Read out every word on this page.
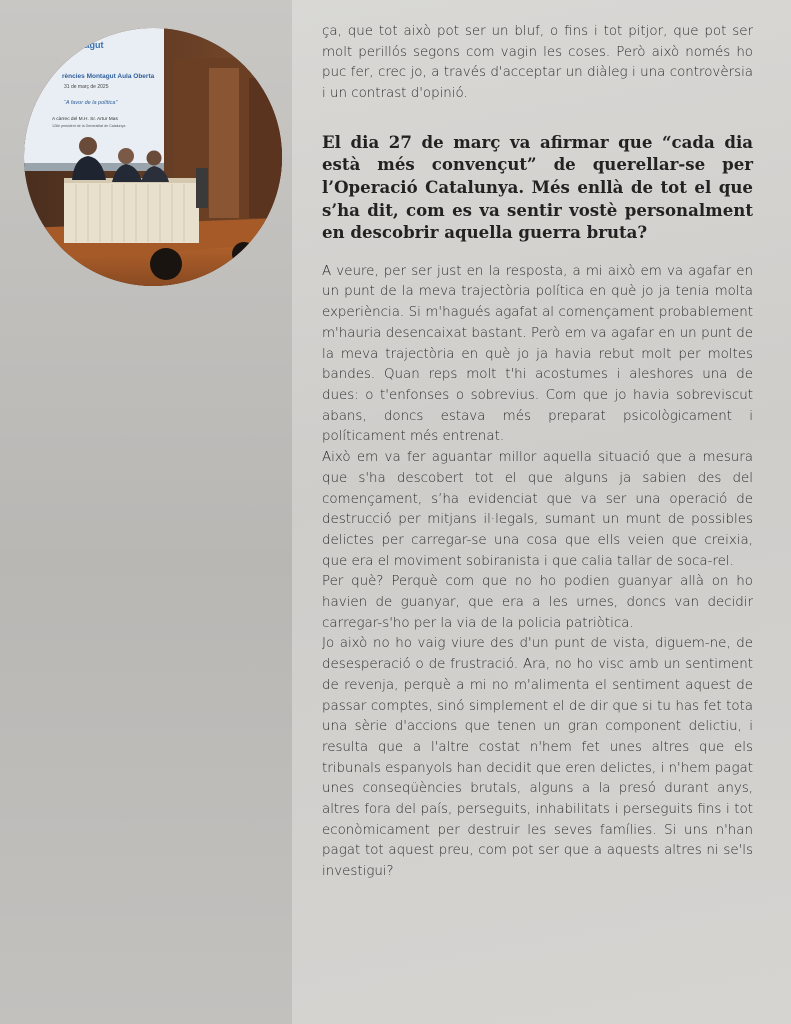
ntagut
rències Montagut Aula Oberta
31 de març de 2025
“A favor de la política”
A càrrec del M.H. Sr. Artur Mas
126è president de la Generalitat de Catalunya

ça, que tot això pot ser un bluf, o fins i tot pitjor, que pot ser molt perillós segons com vagin les coses. Però això només ho puc fer, crec jo, a través d'acceptar un diàleg i una controvèrsia i un contrast d'opinió.

El dia 27 de març va afirmar que “cada dia està més convençut” de querellar-se per l’Operació Catalunya. Més enllà de tot el que s’ha dit, com es va sentir vostè personalment en descobrir aquella guerra bruta?

A veure, per ser just en la resposta, a mi això em va agafar en un punt de la meva trajectòria política en què jo ja tenia molta experiència. Si m'hagués agafat al començament probablement m'hauria desencaixat bastant. Però em va agafar en un punt de la meva trajectòria en què jo ja havia rebut molt per moltes bandes. Quan reps molt t'hi acostumes i aleshores una de dues: o t'enfonses o sobrevius. Com que jo havia sobreviscut abans, doncs estava més preparat psicològicament i políticament més entrenat.

Això em va fer aguantar millor aquella situació que a mesura que s'ha descobert tot el que alguns ja sabien des del començament, s’ha evidenciat que va ser una operació de destrucció per mitjans il·legals, sumant un munt de possibles delictes per carregar-se una cosa que ells veien que creixia, que era el moviment sobiranista i que calia tallar de soca-rel.

Per què? Perquè com que no ho podien guanyar allà on ho havien de guanyar, que era a les urnes, doncs van decidir carregar-s'ho per la via de la policia patriòtica.

Jo això no ho vaig viure des d'un punt de vista, diguem-ne, de desesperació o de frustració. Ara, no ho visc amb un sentiment de revenja, perquè a mi no m'alimenta el sentiment aquest de passar comptes, sinó simplement el de dir que si tu has fet tota una sèrie d'accions que tenen un gran component delictiu, i resulta que a l'altre costat n'hem fet unes altres que els tribunals espanyols han decidit que eren delictes, i n'hem pagat unes conseqüències brutals, alguns a la presó durant anys, altres fora del país, perseguits, inhabilitats i perseguits fins i tot econòmicament per destruir les seves famílies. Si uns n'han pagat tot aquest preu, com pot ser que a aquests altres ni se'ls investigui?
